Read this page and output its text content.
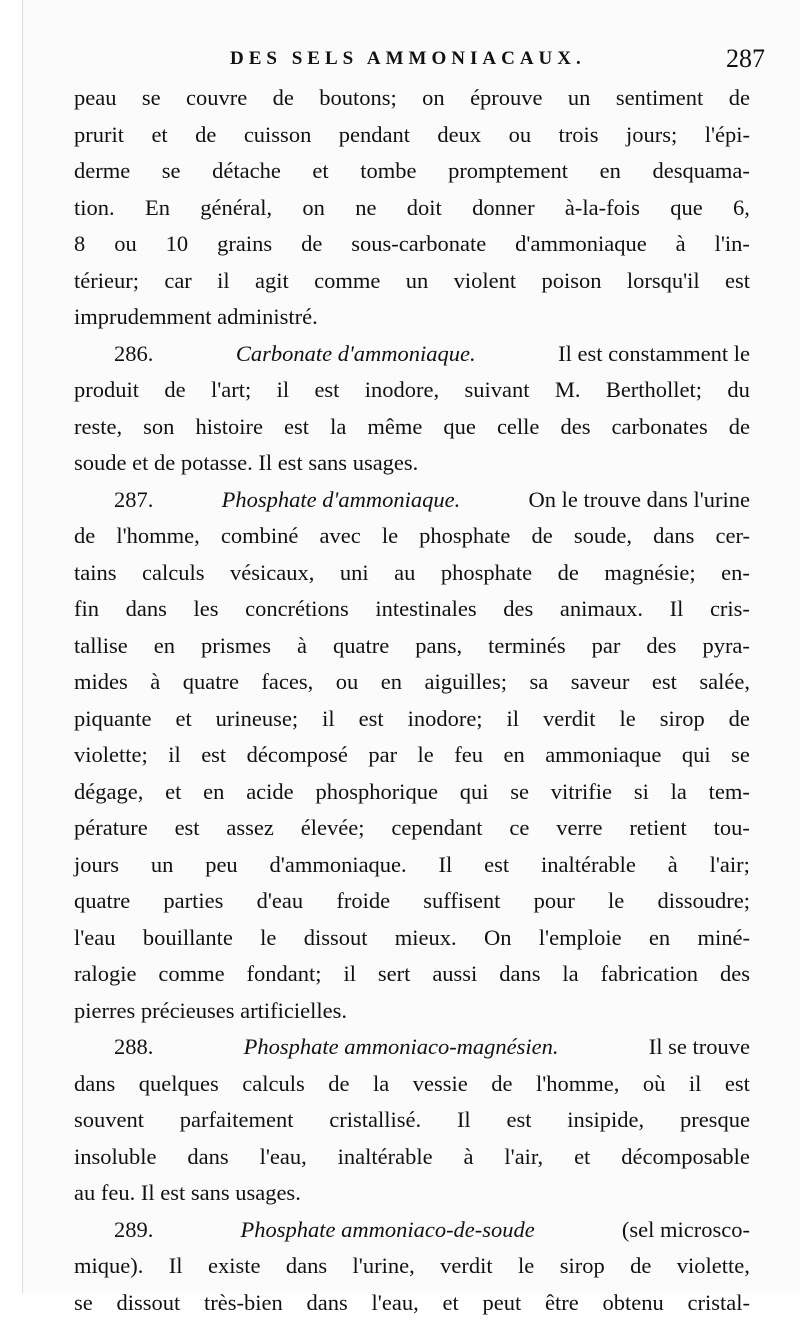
DES SELS AMMONIACAUX.	287
peau se couvre de boutons; on éprouve un sentiment de
prurit et de cuisson pendant deux ou trois jours; l'épi-
derme se détache et tombe promptement en desquama-
tion. En général, on ne doit donner à-la-fois que 6,
8 ou 10 grains de sous-carbonate d'ammoniaque à l'in-
térieur; car il agit comme un violent poison lorsqu'il est
imprudemment administré.
286.	Carbonate d'ammoniaque.	Il est constamment le
produit de l'art; il est inodore, suivant M. Berthollet; du
reste, son histoire est la même que celle des carbonates de
soude et de potasse. Il est sans usages.
287.	Phosphate d'ammoniaque.	On le trouve dans l'urine
de l'homme, combiné avec le phosphate de soude, dans cer-
tains calculs vésicaux, uni au phosphate de magnésie; en-
fin dans les concrétions intestinales des animaux. Il cris-
tallise en prismes à quatre pans, terminés par des pyra-
mides à quatre faces, ou en aiguilles; sa saveur est salée,
piquante et urineuse; il est inodore; il verdit le sirop de
violette; il est décomposé par le feu en ammoniaque qui se
dégage, et en acide phosphorique qui se vitrifie si la tem-
pérature est assez élevée; cependant ce verre retient tou-
jours un peu d'ammoniaque. Il est inaltérable à l'air;
quatre parties d'eau froide suffisent pour le dissoudre;
l'eau bouillante le dissout mieux. On l'emploie en miné-
ralogie comme fondant; il sert aussi dans la fabrication des
pierres précieuses artificielles.
288.	Phosphate ammoniaco-magnésien.	Il se trouve
dans quelques calculs de la vessie de l'homme, où il est
souvent parfaitement cristallisé. Il est insipide, presque
insoluble dans l'eau, inaltérable à l'air, et décomposable
au feu. Il est sans usages.
289.	Phosphate ammoniaco-de-soude	(sel microsco-
mique). Il existe dans l'urine, verdit le sirop de violette,
se dissout très-bien dans l'eau, et peut être obtenu cristal-
